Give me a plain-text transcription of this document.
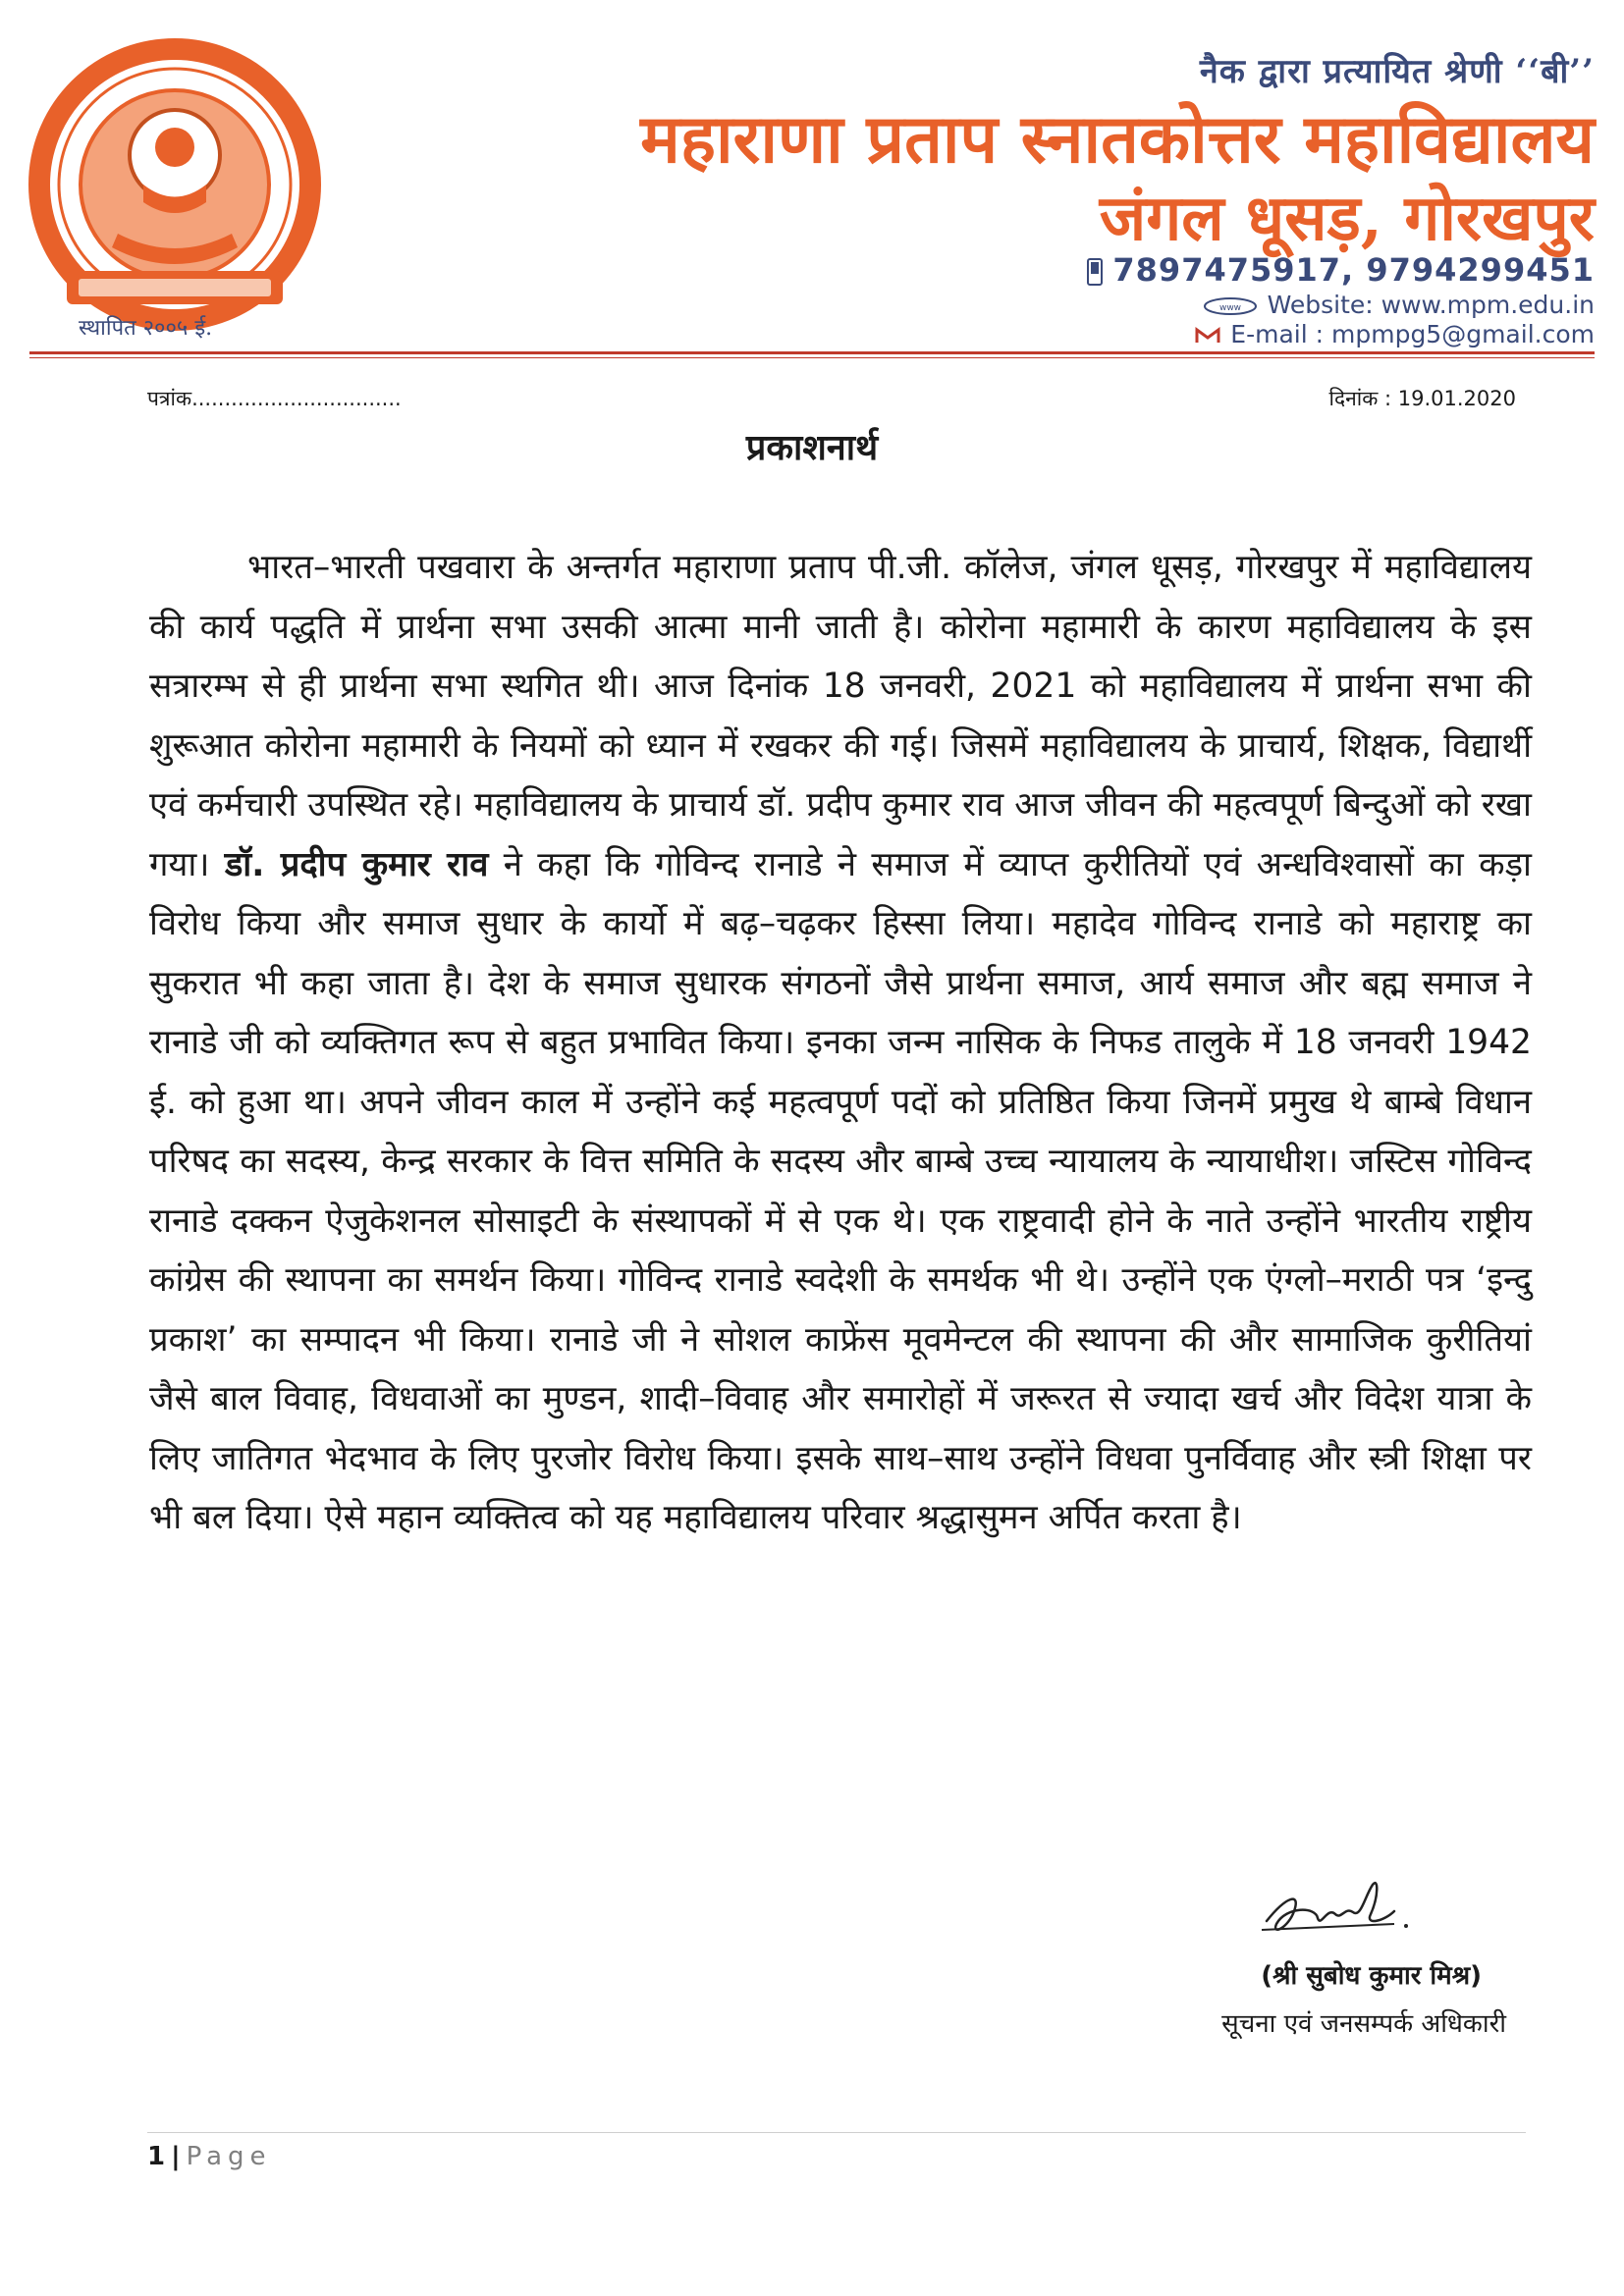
स्थापित २००५ ई.
नैक द्वारा प्रत्यायित श्रेणी ‘‘बी’’
महाराणा प्रताप स्नातकोत्तर महाविद्यालय
जंगल धूसड़, गोरखपुर
7897475917, 9794299451
www Website: www.mpm.edu.in
E-mail : mpmpg5@gmail.com
पत्रांक................................	दिनांक : 19.01.2020
प्रकाशनार्थ
भारत–भारती पखवारा के अन्तर्गत महाराणा प्रताप पी.जी. कॉलेज, जंगल धूसड़, गोरखपुर में महाविद्यालय की कार्य पद्धति में प्रार्थना सभा उसकी आत्मा मानी जाती है। कोरोना महामारी के कारण महाविद्यालय के इस सत्रारम्भ से ही प्रार्थना सभा स्थगित थी। आज दिनांक 18 जनवरी, 2021 को महाविद्यालय में प्रार्थना सभा की शुरूआत कोरोना महामारी के नियमों को ध्यान में रखकर की गई। जिसमें महाविद्यालय के प्राचार्य, शिक्षक, विद्यार्थी एवं कर्मचारी उपस्थित रहे। महाविद्यालय के प्राचार्य डॉ. प्रदीप कुमार राव आज जीवन की महत्वपूर्ण बिन्दुओं को रखा गया। डॉ. प्रदीप कुमार राव ने कहा कि गोविन्द रानाडे ने समाज में व्याप्त कुरीतियों एवं अन्धविश्वासों का कड़ा विरोध किया और समाज सुधार के कार्यो में बढ़–चढ़कर हिस्सा लिया। महादेव गोविन्द रानाडे को महाराष्ट्र का सुकरात भी कहा जाता है। देश के समाज सुधारक संगठनों जैसे प्रार्थना समाज, आर्य समाज और बह्म समाज ने रानाडे जी को व्यक्तिगत रूप से बहुत प्रभावित किया। इनका जन्म नासिक के निफड तालुके में 18 जनवरी 1942 ई. को हुआ था। अपने जीवन काल में उन्होंने कई महत्वपूर्ण पदों को प्रतिष्ठित किया जिनमें प्रमुख थे बाम्बे विधान परिषद का सदस्य, केन्द्र सरकार के वित्त समिति के सदस्य और बाम्बे उच्च न्यायालय के न्यायाधीश। जस्टिस गोविन्द रानाडे दक्कन ऐजुकेशनल सोसाइटी के संस्थापकों में से एक थे। एक राष्ट्रवादी होने के नाते उन्होंने भारतीय राष्ट्रीय कांग्रेस की स्थापना का समर्थन किया। गोविन्द रानाडे स्वदेशी के समर्थक भी थे। उन्होंने एक एंग्लो–मराठी पत्र ‘इन्दु प्रकाश’ का सम्पादन भी किया। रानाडे जी ने सोशल काफ्रेंस मूवमेन्टल की स्थापना की और सामाजिक कुरीतियां जैसे बाल विवाह, विधवाओं का मुण्डन, शादी–विवाह और समारोहों में जरूरत से ज्यादा खर्च और विदेश यात्रा के लिए जातिगत भेदभाव के लिए पुरजोर विरोध किया। इसके साथ–साथ उन्होंने विधवा पुनर्विवाह और स्त्री शिक्षा पर भी बल दिया। ऐसे महान व्यक्तित्व को यह महाविद्यालय परिवार श्रद्धासुमन अर्पित करता है।
(श्री सुबोध कुमार मिश्र)
सूचना एवं जनसम्पर्क अधिकारी
1 | Page
